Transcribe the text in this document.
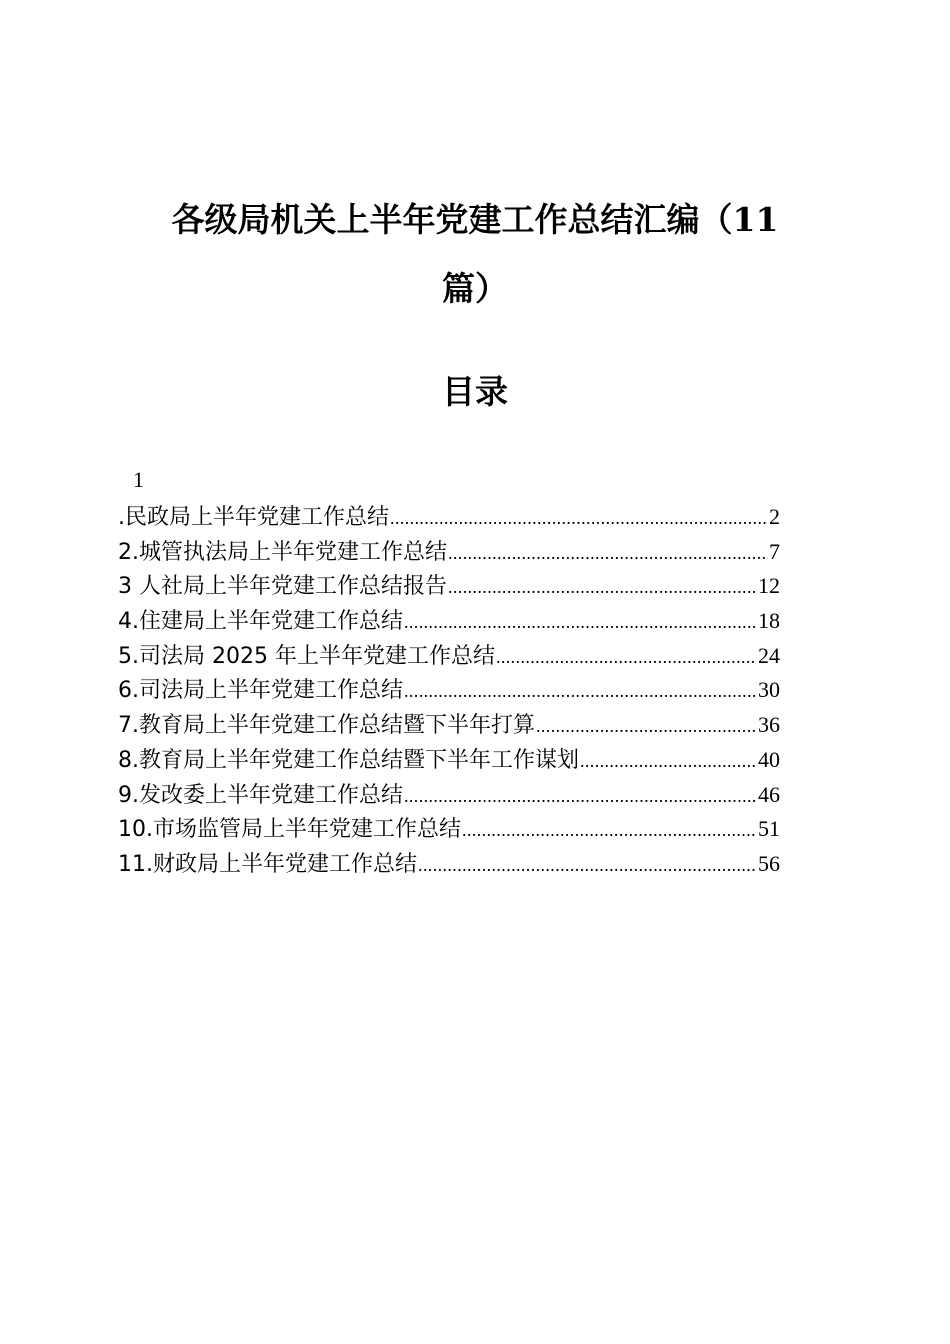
各级局机关上半年党建工作总结汇编（11
篇）
目录
1
.民政局上半年党建工作总结 .....	2
2.城管执法局上半年党建工作总结 .....	7
3 人社局上半年党建工作总结报告 .....	12
4.住建局上半年党建工作总结 .....	18
5.司法局 2025 年上半年党建工作总结 .....	24
6.司法局上半年党建工作总结 .....	30
7.教育局上半年党建工作总结暨下半年打算 .....	36
8.教育局上半年党建工作总结暨下半年工作谋划 .....	40
9.发改委上半年党建工作总结 .....	46
10.市场监管局上半年党建工作总结 .....	51
11.财政局上半年党建工作总结 .....	56
